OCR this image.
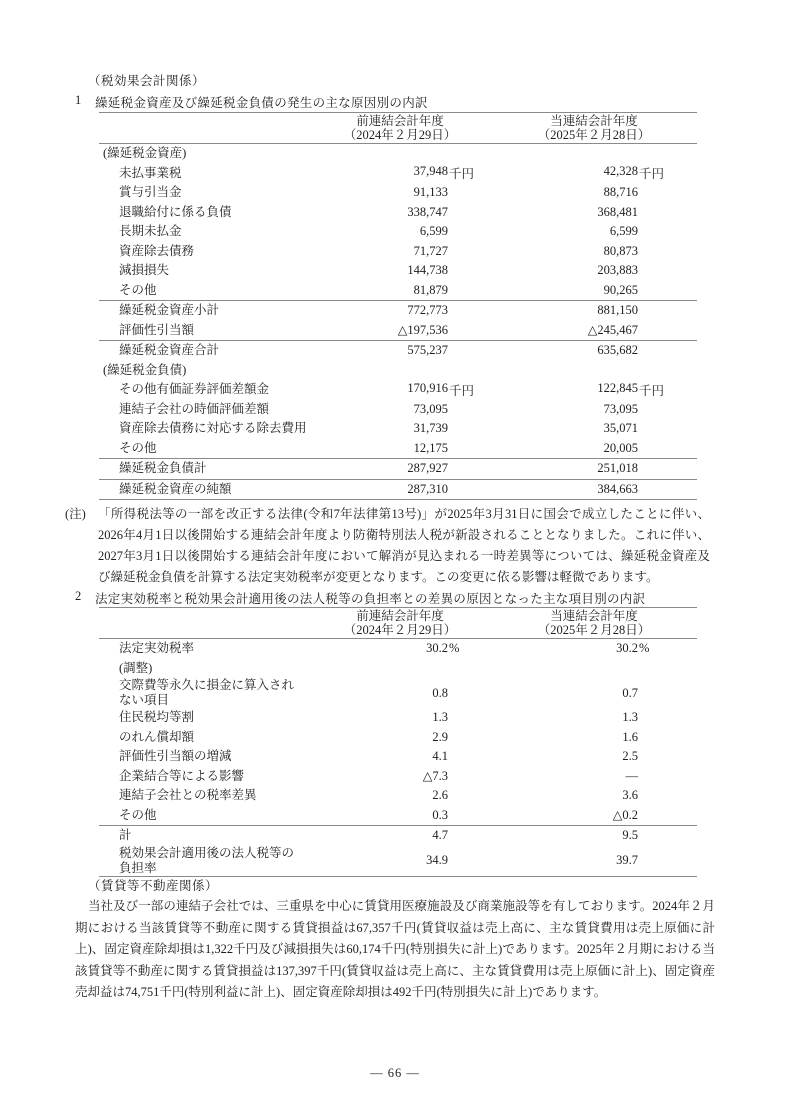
（税効果会計関係）
1	繰延税金資産及び繰延税金負債の発生の主な原因別の内訳
前連結会計年度
（2024年２月29日）
当連結会計年度
（2025年２月28日）
(繰延税金資産)
未払事業税	37,948 千円	42,328 千円
賞与引当金	91,133	88,716
退職給付に係る負債	338,747	368,481
長期未払金	6,599	6,599
資産除去債務	71,727	80,873
減損損失	144,738	203,883
その他	81,879	90,265
繰延税金資産小計	772,773	881,150
評価性引当額	△197,536	△245,467
繰延税金資産合計	575,237	635,682
(繰延税金負債)
その他有価証券評価差額金	170,916 千円	122,845 千円
連結子会社の時価評価差額	73,095	73,095
資産除去債務に対応する除去費用	31,739	35,071
その他	12,175	20,005
繰延税金負債計	287,927	251,018
繰延税金資産の純額	287,310	384,663
(注) 「所得税法等の一部を改正する法律(令和7年法律第13号)」が2025年3月31日に国会で成立したことに伴い、2026年4月1日以後開始する連結会計年度より防衛特別法人税が新設されることとなりました。これに伴い、2027年3月1日以後開始する連結会計年度において解消が見込まれる一時差異等については、繰延税金資産及び繰延税金負債を計算する法定実効税率が変更となります。この変更に依る影響は軽微であります。
2	法定実効税率と税効果会計適用後の法人税等の負担率との差異の原因となった主な項目別の内訳
前連結会計年度
（2024年２月29日）
当連結会計年度
（2025年２月28日）
法定実効税率	30.2 %	30.2 %
(調整)
交際費等永久に損金に算入され
ない項目
0.8	0.7
住民税均等割	1.3	1.3
のれん償却額	2.9	1.6
評価性引当額の増減	4.1	2.5
企業結合等による影響	△7.3	―
連結子会社との税率差異	2.6	3.6
その他	0.3	△0.2
計	4.7	9.5
税効果会計適用後の法人税等の
負担率
34.9	39.7
（賃貸等不動産関係）
当社及び一部の連結子会社では、三重県を中心に賃貸用医療施設及び商業施設等を有しております。2024年２月期における当該賃貸等不動産に関する賃貸損益は67,357千円(賃貸収益は売上高に、主な賃貸費用は売上原価に計上)、固定資産除却損は1,322千円及び減損損失は60,174千円(特別損失に計上)であります。2025年２月期における当該賃貸等不動産に関する賃貸損益は137,397千円(賃貸収益は売上高に、主な賃貸費用は売上原価に計上)、固定資産売却益は74,751千円(特別利益に計上)、固定資産除却損は492千円(特別損失に計上)であります。
— 66 —
